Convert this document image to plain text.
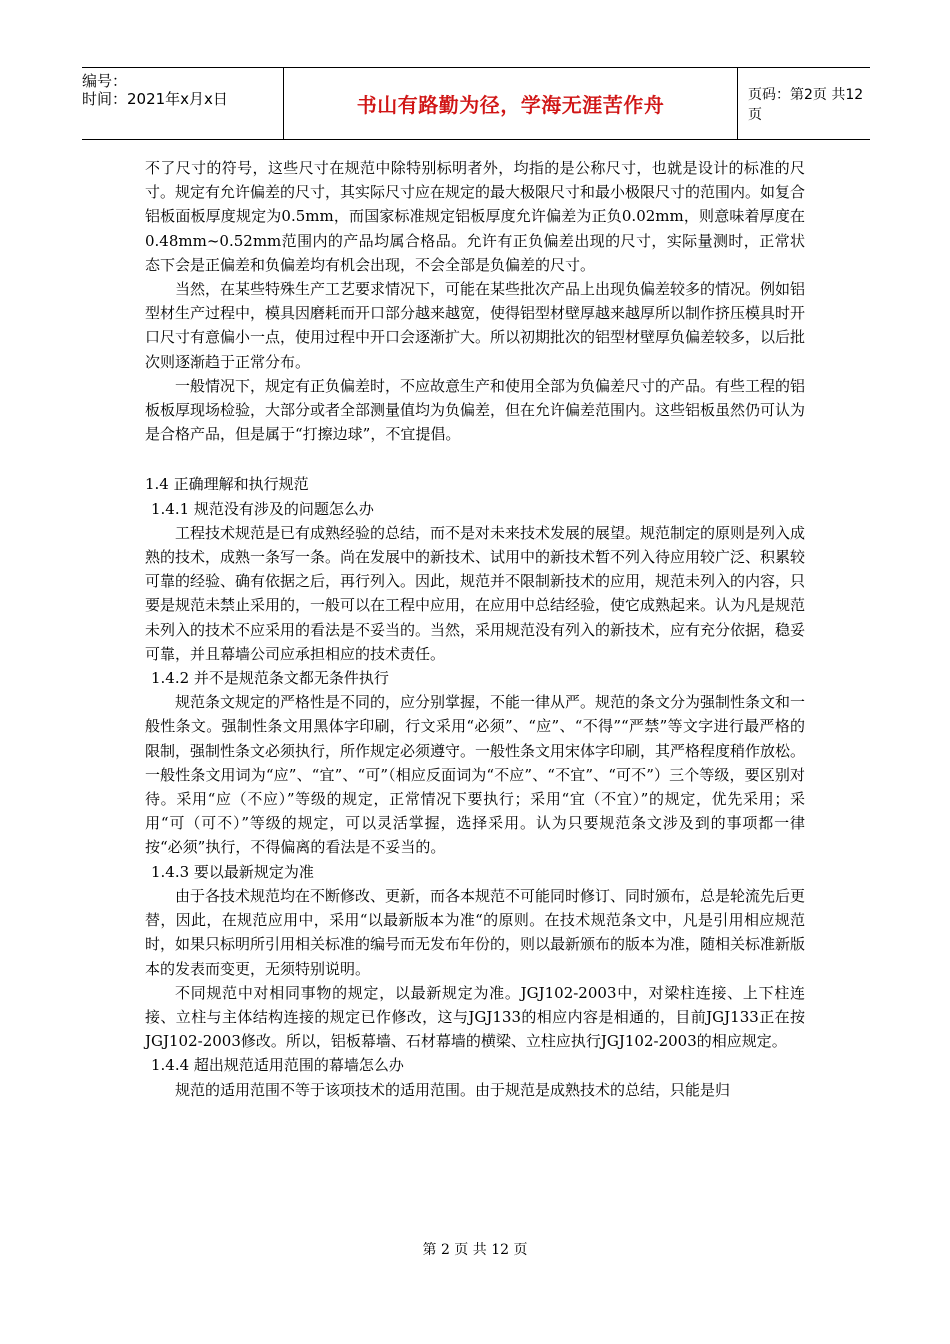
编号：
时间：2021年x月x日	书山有路勤为径，学海无涯苦作舟	页码：第2页 共12页

不了尺寸的符号，这些尺寸在规范中除特别标明者外，均指的是公称尺寸，也就是设计的标准的尺寸。规定有允许偏差的尺寸，其实际尺寸应在规定的最大极限尺寸和最小极限尺寸的范围内。如复合铝板面板厚度规定为0.5mm，而国家标准规定铝板厚度允许偏差为正负0.02mm，则意味着厚度在0.48mm~0.52mm范围内的产品均属合格品。允许有正负偏差出现的尺寸，实际量测时，正常状态下会是正偏差和负偏差均有机会出现，不会全部是负偏差的尺寸。

当然，在某些特殊生产工艺要求情况下，可能在某些批次产品上出现负偏差较多的情况。例如铝型材生产过程中，模具因磨耗而开口部分越来越宽，使得铝型材壁厚越来越厚所以制作挤压模具时开口尺寸有意偏小一点，使用过程中开口会逐渐扩大。所以初期批次的铝型材壁厚负偏差较多，以后批次则逐渐趋于正常分布。

一般情况下，规定有正负偏差时，不应故意生产和使用全部为负偏差尺寸的产品。有些工程的铝板板厚现场检验，大部分或者全部测量值均为负偏差，但在允许偏差范围内。这些铝板虽然仍可认为是合格产品，但是属于“打擦边球”，不宜提倡。

1.4 正确理解和执行规范

1.4.1 规范没有涉及的问题怎么办

工程技术规范是已有成熟经验的总结，而不是对未来技术发展的展望。规范制定的原则是列入成熟的技术，成熟一条写一条。尚在发展中的新技术、试用中的新技术暂不列入待应用较广泛、积累较可靠的经验、确有依据之后，再行列入。因此，规范并不限制新技术的应用，规范未列入的内容，只要是规范未禁止采用的，一般可以在工程中应用，在应用中总结经验，使它成熟起来。认为凡是规范未列入的技术不应采用的看法是不妥当的。当然，采用规范没有列入的新技术，应有充分依据，稳妥可靠，并且幕墙公司应承担相应的技术责任。

1.4.2 并不是规范条文都无条件执行

规范条文规定的严格性是不同的，应分别掌握，不能一律从严。规范的条文分为强制性条文和一般性条文。强制性条文用黑体字印刷，行文采用“必须”、“应”、“不得”“严禁”等文字进行最严格的限制，强制性条文必须执行，所作规定必须遵守。一般性条文用宋体字印刷，其严格程度稍作放松。一般性条文用词为“应”、“宜”、“可”（相应反面词为“不应”、“不宜”、“可不”）三个等级，要区别对待。采用“应（不应）”等级的规定，正常情况下要执行；采用“宜（不宜）”的规定，优先采用；采用“可（可不）”等级的规定，可以灵活掌握，选择采用。认为只要规范条文涉及到的事项都一律按“必须”执行，不得偏离的看法是不妥当的。

1.4.3 要以最新规定为准

由于各技术规范均在不断修改、更新，而各本规范不可能同时修订、同时颁布，总是轮流先后更替，因此，在规范应用中，采用“以最新版本为准“的原则。在技术规范条文中，凡是引用相应规范时，如果只标明所引用相关标准的编号而无发布年份的，则以最新颁布的版本为准，随相关标准新版本的发表而变更，无须特别说明。

不同规范中对相同事物的规定，以最新规定为准。JGJ102-2003中，对梁柱连接、上下柱连接、立柱与主体结构连接的规定已作修改，这与JGJ133的相应内容是相通的，目前JGJ133正在按JGJ102-2003修改。所以，铝板幕墙、石材幕墙的横梁、立柱应执行JGJ102-2003的相应规定。

1.4.4 超出规范适用范围的幕墙怎么办

规范的适用范围不等于该项技术的适用范围。由于规范是成熟技术的总结，只能是归

第 2 页 共 12 页
